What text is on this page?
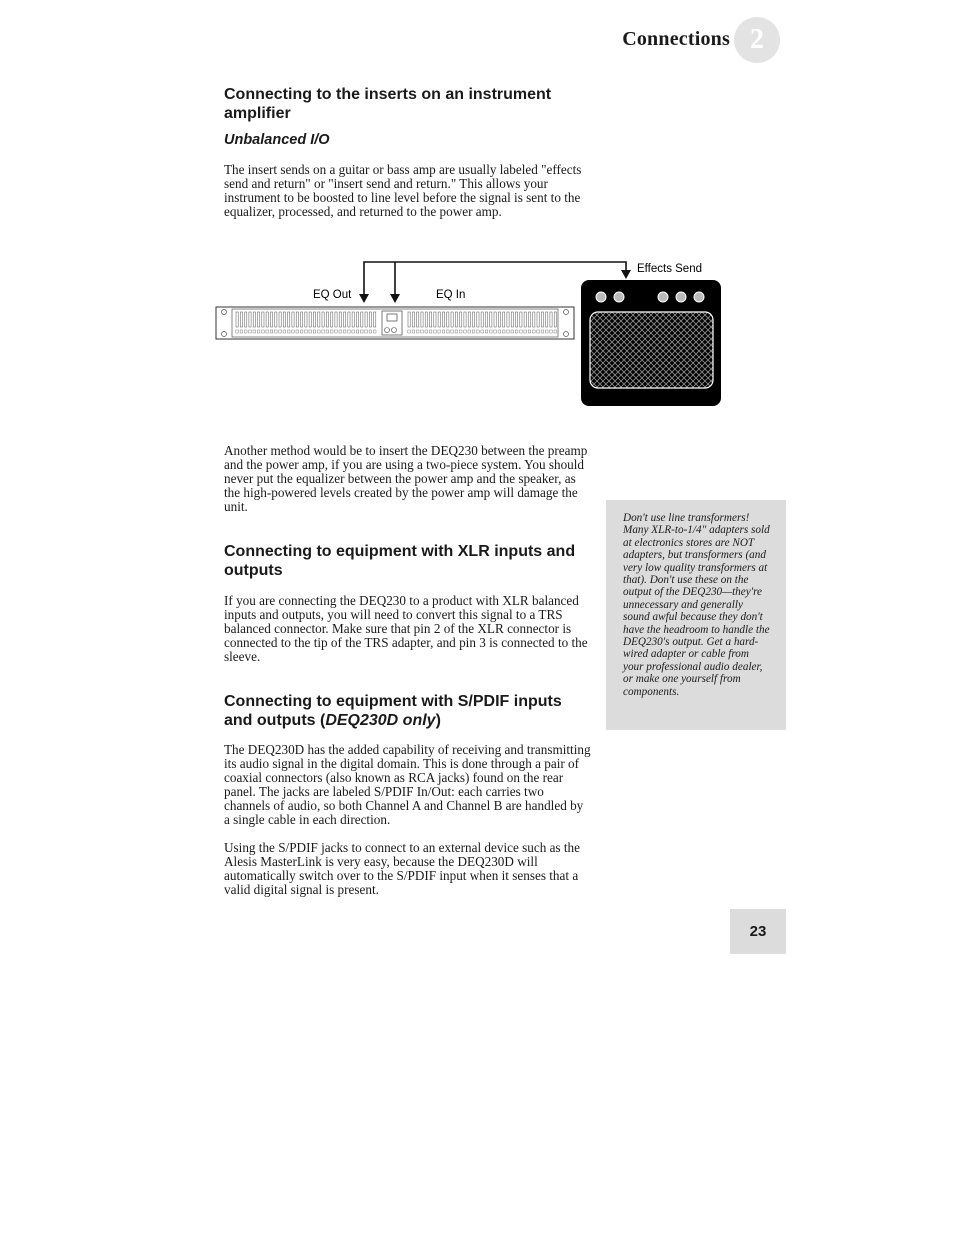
Connections 2
Connecting to the inserts on an instrument amplifier
Unbalanced I/O

The insert sends on a guitar or bass amp are usually labeled "effects send and return" or "insert send and return." This allows your instrument to be boosted to line level before the signal is sent to the equalizer, processed, and returned to the power amp.

EQ Out	EQ In
Effects Send

Another method would be to insert the DEQ230 between the preamp and the power amp, if you are using a two-piece system. You should never put the equalizer between the power amp and the speaker, as the high-powered levels created by the power amp will damage the unit.

Connecting to equipment with XLR inputs and outputs

If you are connecting the DEQ230 to a product with XLR balanced inputs and outputs, you will need to convert this signal to a TRS balanced connector. Make sure that pin 2 of the XLR connector is connected to the tip of the TRS adapter, and pin 3 is connected to the sleeve.

Connecting to equipment with S/PDIF inputs and outputs (DEQ230D only)

The DEQ230D has the added capability of receiving and transmitting its audio signal in the digital domain. This is done through a pair of coaxial connectors (also known as RCA jacks) found on the rear panel. The jacks are labeled S/PDIF In/Out: each carries two channels of audio, so both Channel A and Channel B are handled by a single cable in each direction.

Using the S/PDIF jacks to connect to an external device such as the Alesis MasterLink is very easy, because the DEQ230D will automatically switch over to the S/PDIF input when it senses that a valid digital signal is present.

Don't use line transformers! Many XLR-to-1/4" adapters sold at electronics stores are NOT adapters, but transformers (and very low quality transformers at that). Don't use these on the output of the DEQ230—they're unnecessary and generally sound awful because they don't have the headroom to handle the DEQ230's output. Get a hard-wired adapter or cable from your professional audio dealer, or make one yourself from components.

23
